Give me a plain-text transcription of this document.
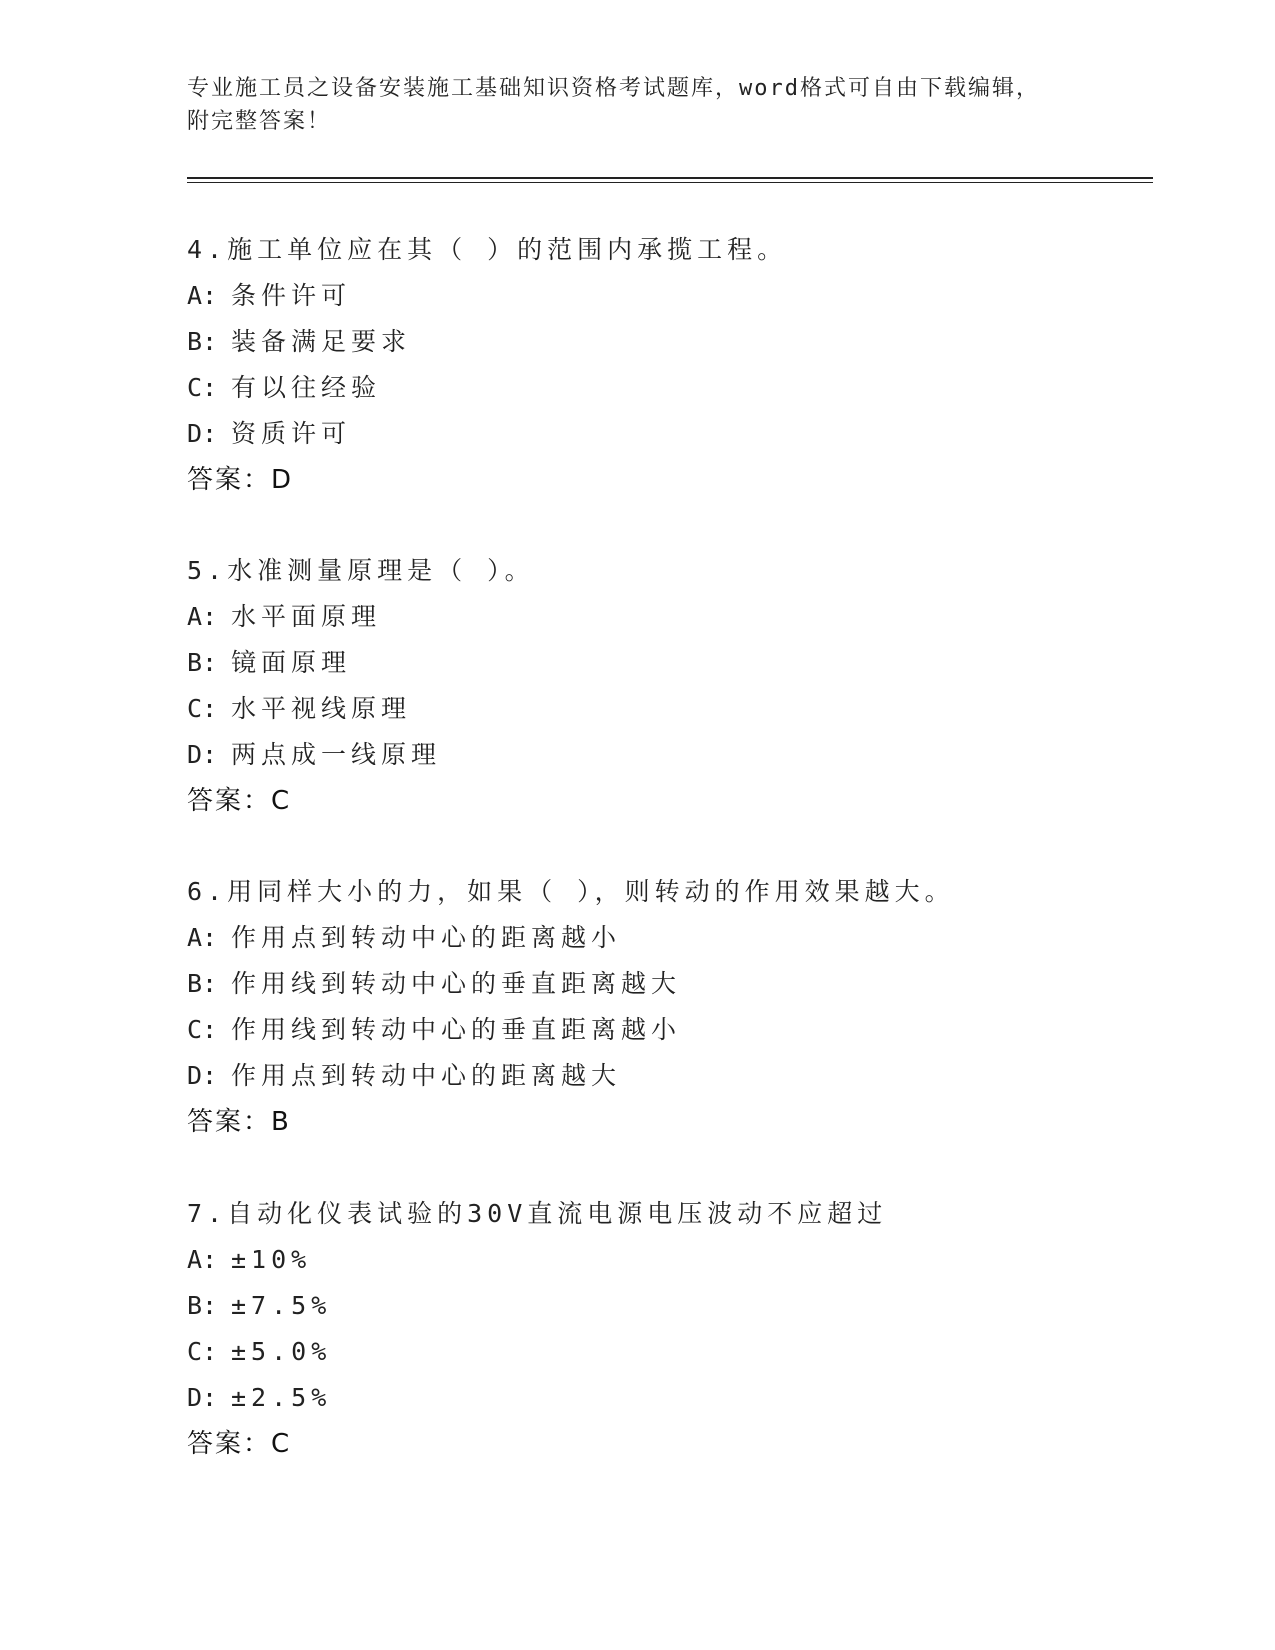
专业施工员之设备安装施工基础知识资格考试题库，word格式可自由下载编辑，
附完整答案！
4.施工单位应在其（ ）的范围内承揽工程。
A: 条件许可
B: 装备满足要求
C: 有以往经验
D: 资质许可
答案：D
5.水准测量原理是（ ）。
A: 水平面原理
B: 镜面原理
C: 水平视线原理
D: 两点成一线原理
答案：C
6.用同样大小的力，如果（ ），则转动的作用效果越大。
A: 作用点到转动中心的距离越小
B: 作用线到转动中心的垂直距离越大
C: 作用线到转动中心的垂直距离越小
D: 作用点到转动中心的距离越大
答案：B
7.自动化仪表试验的30V直流电源电压波动不应超过
A: ±10%
B: ±7.5%
C: ±5.0%
D: ±2.5%
答案：C
